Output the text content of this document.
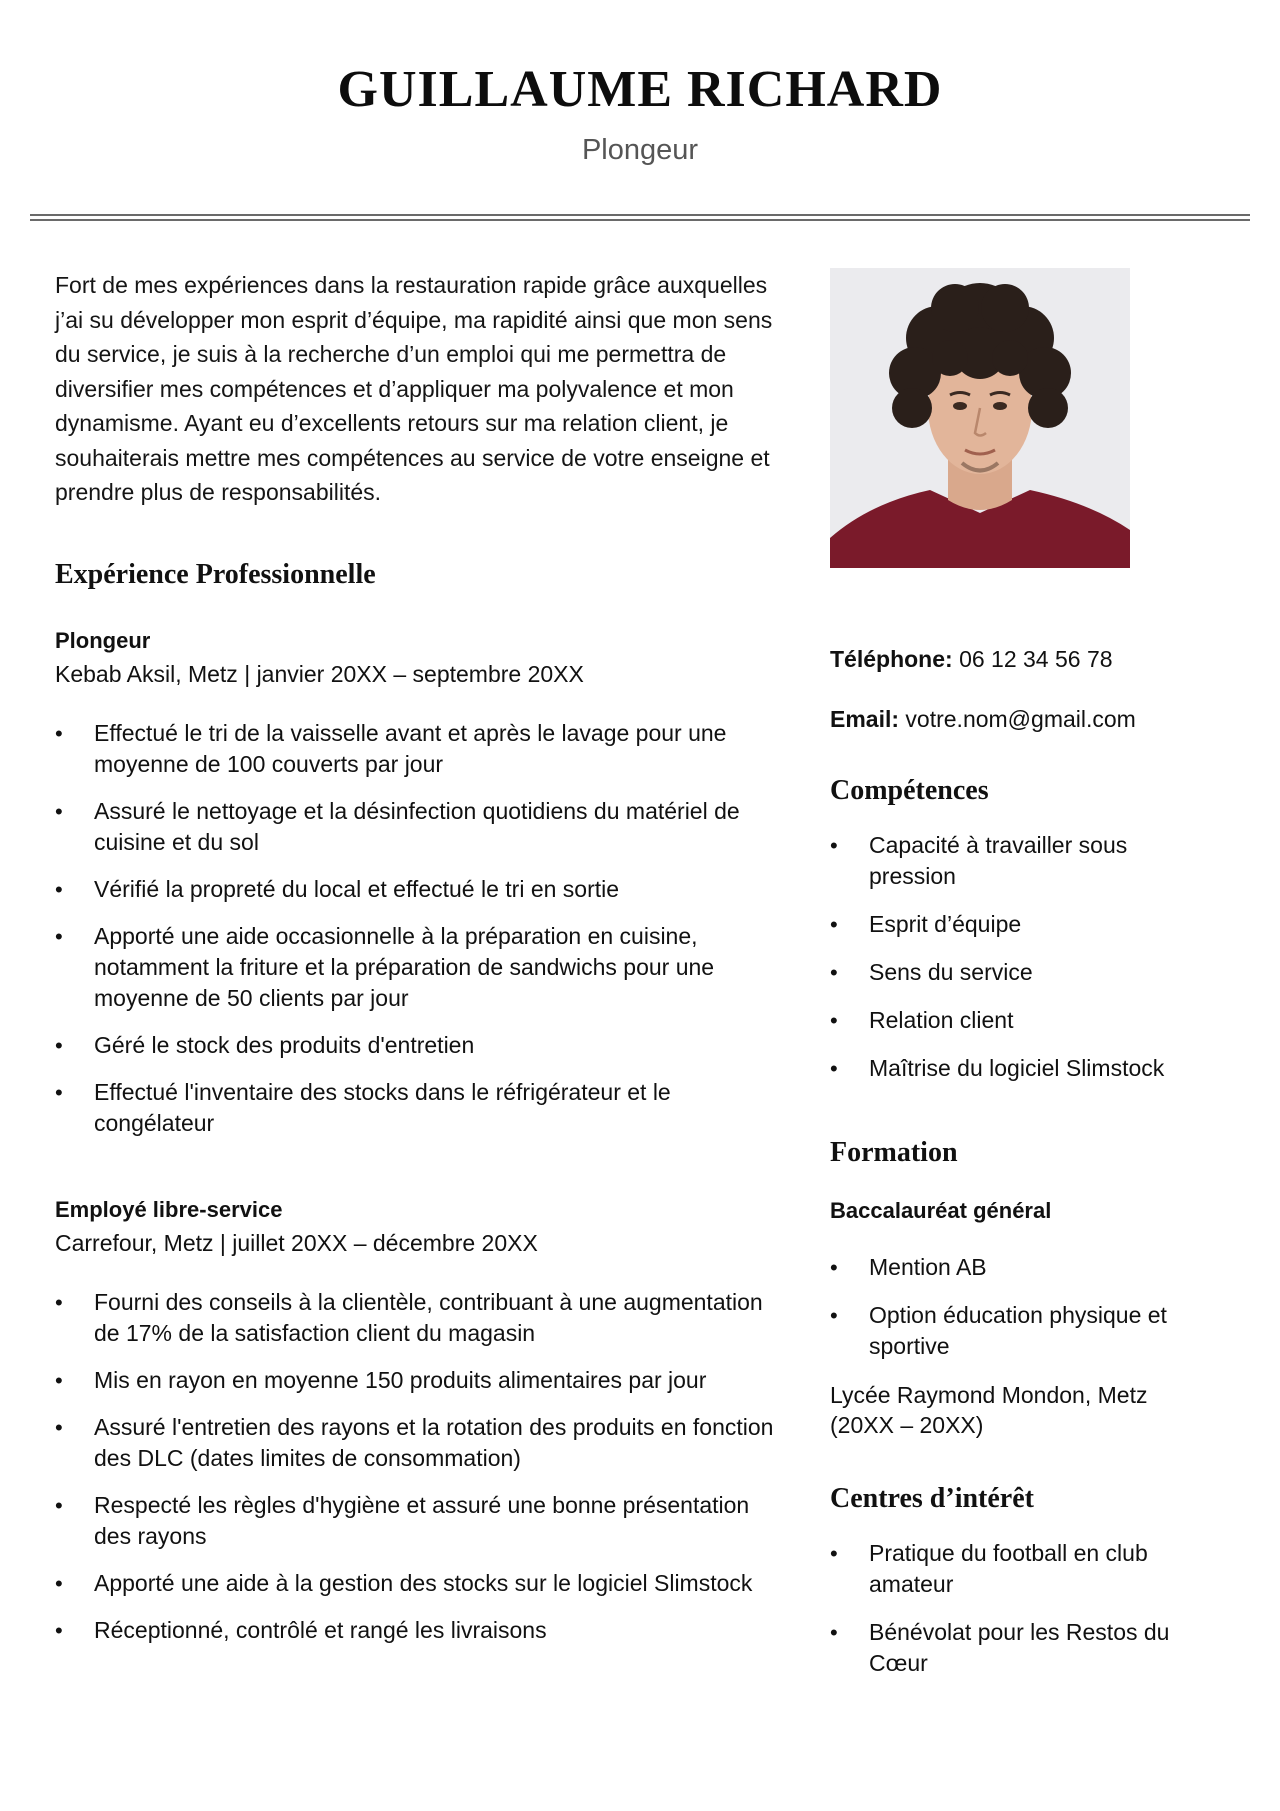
GUILLAUME RICHARD
Plongeur

Fort de mes expériences dans la restauration rapide grâce auxquelles j’ai su développer mon esprit d’équipe, ma rapidité ainsi que mon sens du service, je suis à la recherche d’un emploi qui me permettra de diversifier mes compétences et d’appliquer ma polyvalence et mon dynamisme. Ayant eu d’excellents retours sur ma relation client, je souhaiterais mettre mes compétences au service de votre enseigne et prendre plus de responsabilités.

Expérience Professionnelle
Plongeur
Kebab Aksil, Metz | janvier 20XX – septembre 20XX
• Effectué le tri de la vaisselle avant et après le lavage pour une moyenne de 100 couverts par jour
• Assuré le nettoyage et la désinfection quotidiens du matériel de cuisine et du sol
• Vérifié la propreté du local et effectué le tri en sortie
• Apporté une aide occasionnelle à la préparation en cuisine, notamment la friture et la préparation de sandwichs pour une moyenne de 50 clients par jour
• Géré le stock des produits d'entretien
• Effectué l'inventaire des stocks dans le réfrigérateur et le congélateur
Employé libre-service
Carrefour, Metz | juillet 20XX – décembre 20XX
• Fourni des conseils à la clientèle, contribuant à une augmentation de 17% de la satisfaction client du magasin
• Mis en rayon en moyenne 150 produits alimentaires par jour
• Assuré l'entretien des rayons et la rotation des produits en fonction des DLC (dates limites de consommation)
• Respecté les règles d'hygiène et assuré une bonne présentation des rayons
• Apporté une aide à la gestion des stocks sur le logiciel Slimstock
• Réceptionné, contrôlé et rangé les livraisons
Téléphone: 06 12 34 56 78
Email: votre.nom@gmail.com
Compétences
• Capacité à travailler sous pression
• Esprit d’équipe
• Sens du service
• Relation client
• Maîtrise du logiciel Slimstock
Formation
Baccalauréat général
• Mention AB
• Option éducation physique et sportive
Lycée Raymond Mondon, Metz (20XX – 20XX)
Centres d’intérêt
• Pratique du football en club amateur
• Bénévolat pour les Restos du Cœur
